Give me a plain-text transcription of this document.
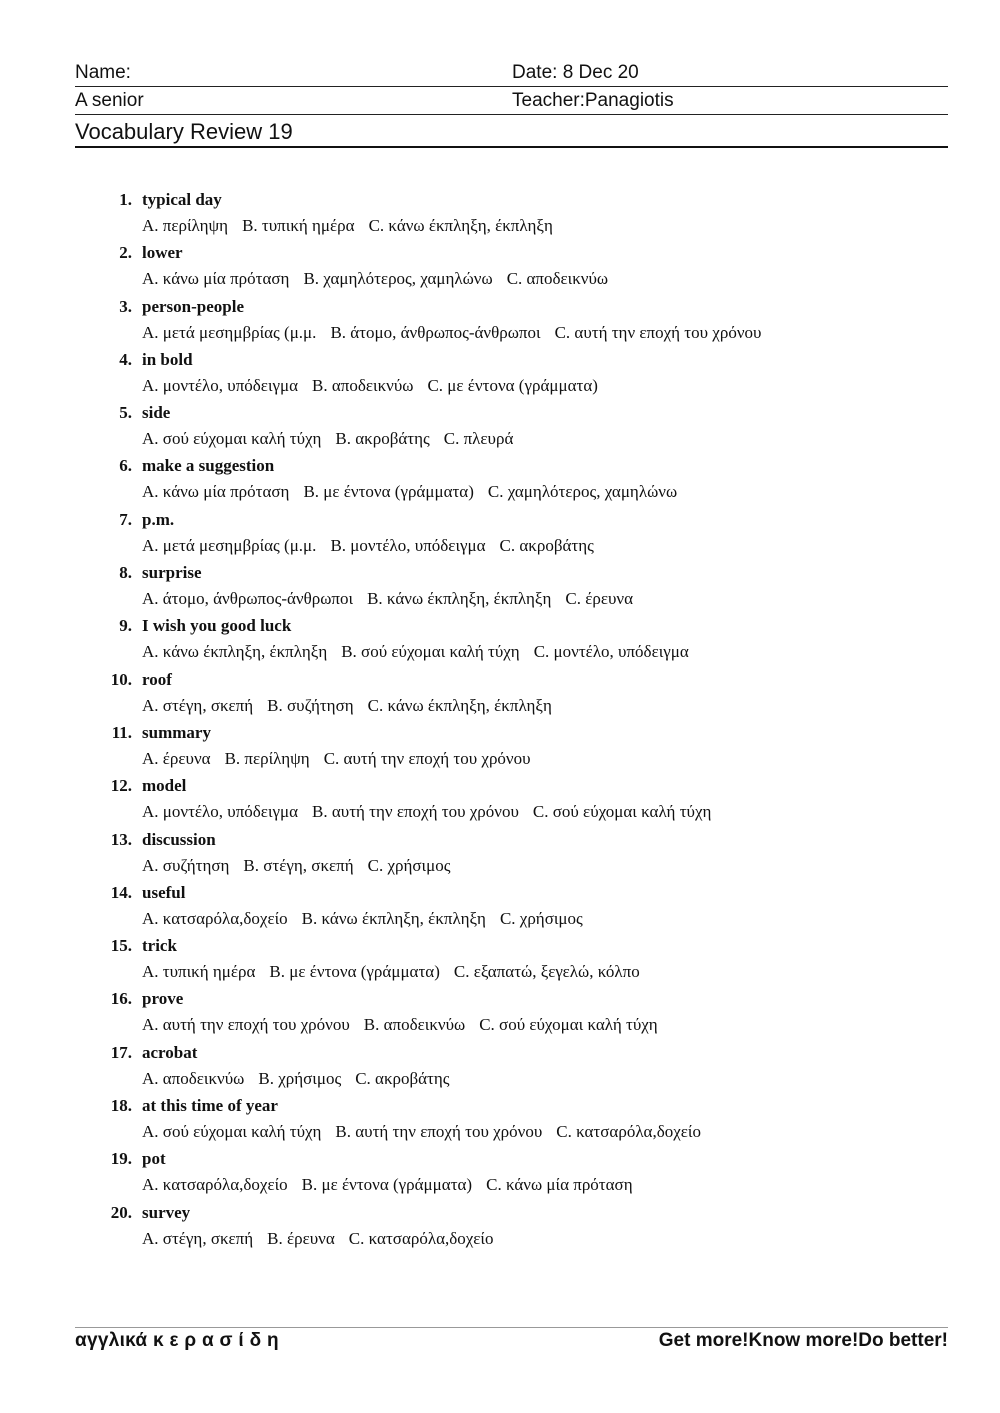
Name:	Date: 8 Dec 20
A senior	Teacher:Panagiotis
Vocabulary Review 19
1. typical day
A. περίληψη B. τυπική ημέρα C. κάνω έκπληξη, έκπληξη
2. lower
A. κάνω μία πρόταση B. χαμηλότερος, χαμηλώνω C. αποδεικνύω
3. person-people
A. μετά μεσημβρίας (μ.μ. B. άτομο, άνθρωπος-άνθρωποι C. αυτή την εποχή του χρόνου
4. in bold
A. μοντέλο, υπόδειγμα B. αποδεικνύω C. με έντονα (γράμματα)
5. side
A. σού εύχομαι καλή τύχη B. ακροβάτης C. πλευρά
6. make a suggestion
A. κάνω μία πρόταση B. με έντονα (γράμματα) C. χαμηλότερος, χαμηλώνω
7. p.m.
A. μετά μεσημβρίας (μ.μ. B. μοντέλο, υπόδειγμα C. ακροβάτης
8. surprise
A. άτομο, άνθρωπος-άνθρωποι B. κάνω έκπληξη, έκπληξη C. έρευνα
9. I wish you good luck
A. κάνω έκπληξη, έκπληξη B. σού εύχομαι καλή τύχη C. μοντέλο, υπόδειγμα
10. roof
A. στέγη, σκεπή B. συζήτηση C. κάνω έκπληξη, έκπληξη
11. summary
A. έρευνα B. περίληψη C. αυτή την εποχή του χρόνου
12. model
A. μοντέλο, υπόδειγμα B. αυτή την εποχή του χρόνου C. σού εύχομαι καλή τύχη
13. discussion
A. συζήτηση B. στέγη, σκεπή C. χρήσιμος
14. useful
A. κατσαρόλα,δοχείο B. κάνω έκπληξη, έκπληξη C. χρήσιμος
15. trick
A. τυπική ημέρα B. με έντονα (γράμματα) C. εξαπατώ, ξεγελώ, κόλπο
16. prove
A. αυτή την εποχή του χρόνου B. αποδεικνύω C. σού εύχομαι καλή τύχη
17. acrobat
A. αποδεικνύω B. χρήσιμος C. ακροβάτης
18. at this time of year
A. σού εύχομαι καλή τύχη B. αυτή την εποχή του χρόνου C. κατσαρόλα,δοχείο
19. pot
A. κατσαρόλα,δοχείο B. με έντονα (γράμματα) C. κάνω μία πρόταση
20. survey
A. στέγη, σκεπή B. έρευνα C. κατσαρόλα,δοχείο
αγγλικά κ ε ρ α σ ί δ η	Get more!Know more!Do better!
